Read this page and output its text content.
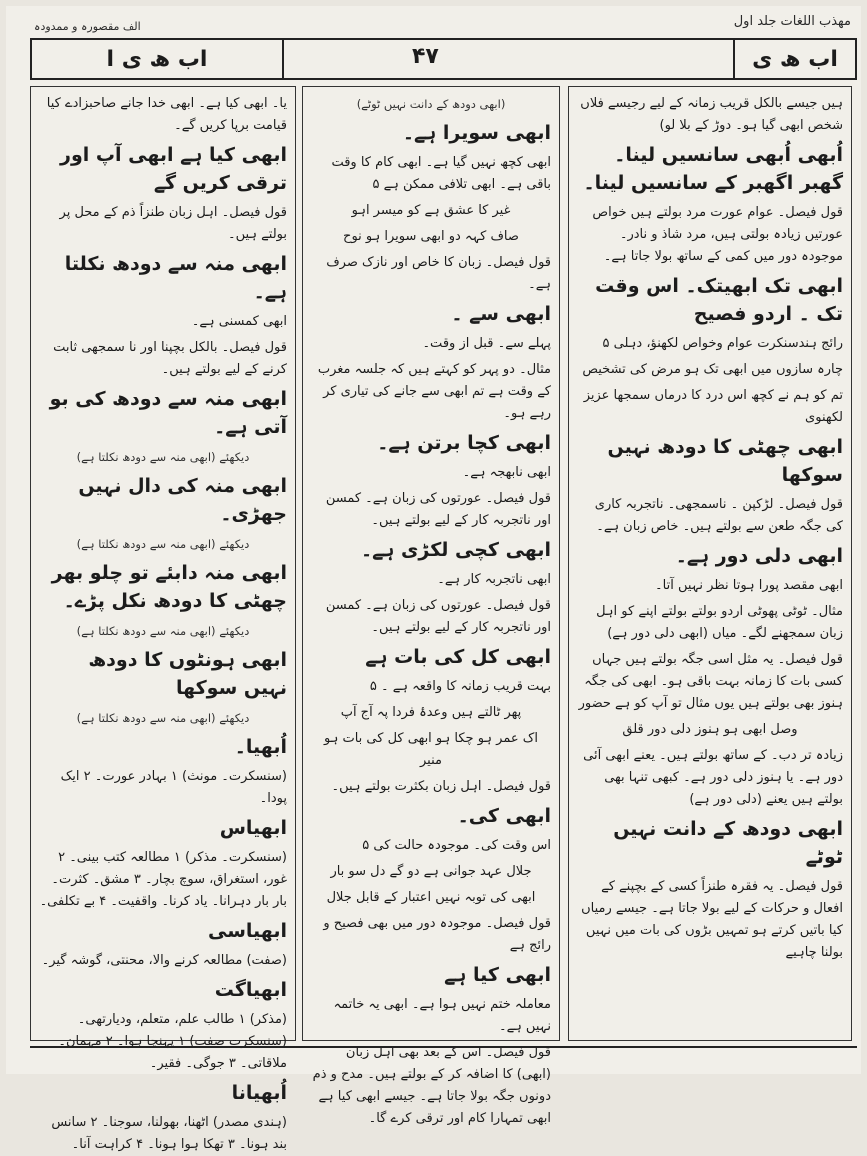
مهذب اللغات جلد اول
الف مقصورہ و ممدودہ
اب ھ ی ا	۴۷	اب ھ ی

ہیں جیسے بالکل قریب زمانہ کے لیے رجیسے فلاں شخص ابھی گیا ہو۔ دوڑ کے بلا لو)

اُبھی اُبھی سانسیں لینا۔ گھبر اگھبر کے سانسیں لینا۔

قول فیصل۔ عوام عورت مرد بولتے ہیں خواص عورتیں زیادہ بولتی ہیں، مرد شاذ و نادر۔ موجودہ دور میں کمی کے ساتھ بولا جاتا ہے۔

ابھی تک ابھیتک۔ اس وقت تک ۔ اردو فصیح

رائج ہندسنکرت عوام وخواص لکھنؤ، دہلی ۵

چارہ سازوں میں ابھی تک ہو مرض کی تشخیص

تم کو ہم نے کچھ اس درد کا درماں سمجھا عزیز لکھنوی

ابھی چھٹی کا دودھ نہیں سوکھا

قول فیصل۔ لڑکپن ۔ ناسمجھی۔ ناتجربہ کاری کی جگہ طعن سے بولتے ہیں۔ خاص زبان ہے۔

ابھی دلی دور ہے۔

ابھی مقصد پورا ہوتا نظر نہیں آتا۔

مثال۔ ٹوٹی پھوٹی اردو بولتے بولتے اپنے کو اہل زبان سمجھنے لگے۔ میاں (ابھی دلی دور ہے)

قول فیصل۔ یہ مثل اسی جگہ بولتے ہیں جہاں کسی بات کا زمانہ بہت باقی ہو۔ ابھی کی جگہ ہنوز بھی بولتے ہیں یوں مثال تو آپ کو ہے حضور

وصل ابھی ہو ہنوز دلی دور قلق

زیادہ تر دب۔ کے ساتھ بولتے ہیں۔ یعنے ابھی آئی دور ہے۔ یا ہنوز دلی دور ہے۔ کبھی تنہا بھی بولتے ہیں یعنے (دلی دور ہے)

ابھی دودھ کے دانت نہیں ٹوٹے

قول فیصل۔ یہ فقرہ طنزاً کسی کے بچپنے کے افعال و حرکات کے لیے بولا جاتا ہے۔ جیسے رمیاں کیا باتیں کرتے ہو تمہیں بڑوں کی بات میں نہیں بولنا چاہیے

(ابھی دودھ کے دانت نہیں ٹوٹے)

ابھی سویرا ہے۔

ابھی کچھ نہیں گیا ہے۔ ابھی کام کا وقت باقی ہے۔ ابھی تلافی ممکن ہے ۵

غیر کا عشق ہے کو میسر اہو

صاف کہہ دو ابھی سویرا ہو نوح

قول فیصل۔ زبان کا خاص اور نازک صرف ہے۔

ابھی سے ۔

پہلے سے۔ قبل از وقت۔

مثال۔ دو پہر کو کہتے ہیں کہ جلسہ مغرب کے وقت ہے تم ابھی سے جانے کی تیاری کر رہے ہو۔

ابھی کچا برتن ہے۔

ابھی نابھجہ ہے۔

قول فیصل۔ عورتوں کی زبان ہے۔ کمسن اور ناتجربہ کار کے لیے بولتے ہیں۔

ابھی کچی لکڑی ہے۔

ابھی ناتجربہ کار ہے۔

قول فیصل۔ عورتوں کی زبان ہے۔ کمسن اور ناتجربہ کار کے لیے بولتے ہیں۔

ابھی کل کی بات ہے

بہت قریب زمانہ کا واقعہ ہے ۔ ۵

پھر ٹالتے ہیں وعدۂ فردا پہ آج آپ

اک عمر ہو چکا ہو ابھی کل کی بات ہو منیر

قول فیصل۔ اہل زبان بکثرت بولتے ہیں۔

ابھی کی۔

اس وقت کی۔ موجودہ حالت کی ۵

جلال عہد جوانی ہے دو گے دل سو بار

ابھی کی توبہ نہیں اعتبار کے قابل جلال

قول فیصل۔ موجودہ دور میں بھی فصیح و رائج ہے

ابھی کیا ہے

معاملہ ختم نہیں ہوا ہے۔ ابھی یہ خاتمہ نہیں ہے۔

قول فیصل۔ اس کے بعد بھی اہل زبان (ابھی) کا اضافہ کر کے بولتے ہیں۔ مدح و ذم دونوں جگہ بولا جاتا ہے۔ جیسے ابھی کیا ہے ابھی تمہارا کام اور ترقی کرے گا۔

یا۔ ابھی کیا ہے۔ ابھی خدا جانے صاحبزادے کیا قیامت برپا کریں گے۔

ابھی کیا ہے ابھی آپ اور ترقی کریں گے

قول فیصل۔ اہل زبان طنزاً ذم کے محل پر بولتے ہیں۔

ابھی منہ سے دودھ نکلتا ہے۔

ابھی کمسنی ہے۔

قول فیصل۔ بالکل بچپنا اور نا سمجھی ثابت کرنے کے لیے بولتے ہیں۔

ابھی منہ سے دودھ کی بو آتی ہے۔

دیکھئے (ابھی منہ سے دودھ نکلتا ہے)

ابھی منہ کی دال نہیں جھڑی۔

دیکھئے (ابھی منہ سے دودھ نکلتا ہے)

ابھی منہ دابئے تو چلو بھر چھٹی کا دودھ نکل پڑے۔

دیکھئے (ابھی منہ سے دودھ نکلتا ہے)

ابھی ہونٹوں کا دودھ نہیں سوکھا

دیکھئے (ابھی منہ سے دودھ نکلتا ہے)

اُبھیا۔

(سنسکرت۔ مونث) ۱ بہادر عورت۔ ۲ ایک پودا۔

ابھیاس

(سنسکرت۔ مذکر) ۱ مطالعہ کتب بینی۔ ۲ غور، استغراق، سوچ بچار۔ ۳ مشق۔ کثرت۔ بار بار دہرانا۔ یاد کرنا۔ واقفیت۔ ۴ بے تکلفی۔

ابھیاسی

(صفت) مطالعہ کرنے والا، محنتی، گوشہ گیر۔

ابھیاگت

(مذکر) ۱ طالب علم، متعلم، ودیارتھی۔ (سنسکرت صفت) ۱ پہنچا ہوا۔ ۲ مہمان۔ ملاقاتی۔ ۳ جوگی۔ فقیر۔

اُبھیانا

(ہندی مصدر) اٹھنا، بھولنا، سوجنا۔ ۲ سانس بند ہونا۔ ۳ تھکا ہوا ہونا۔ ۴ کراہت آنا۔
